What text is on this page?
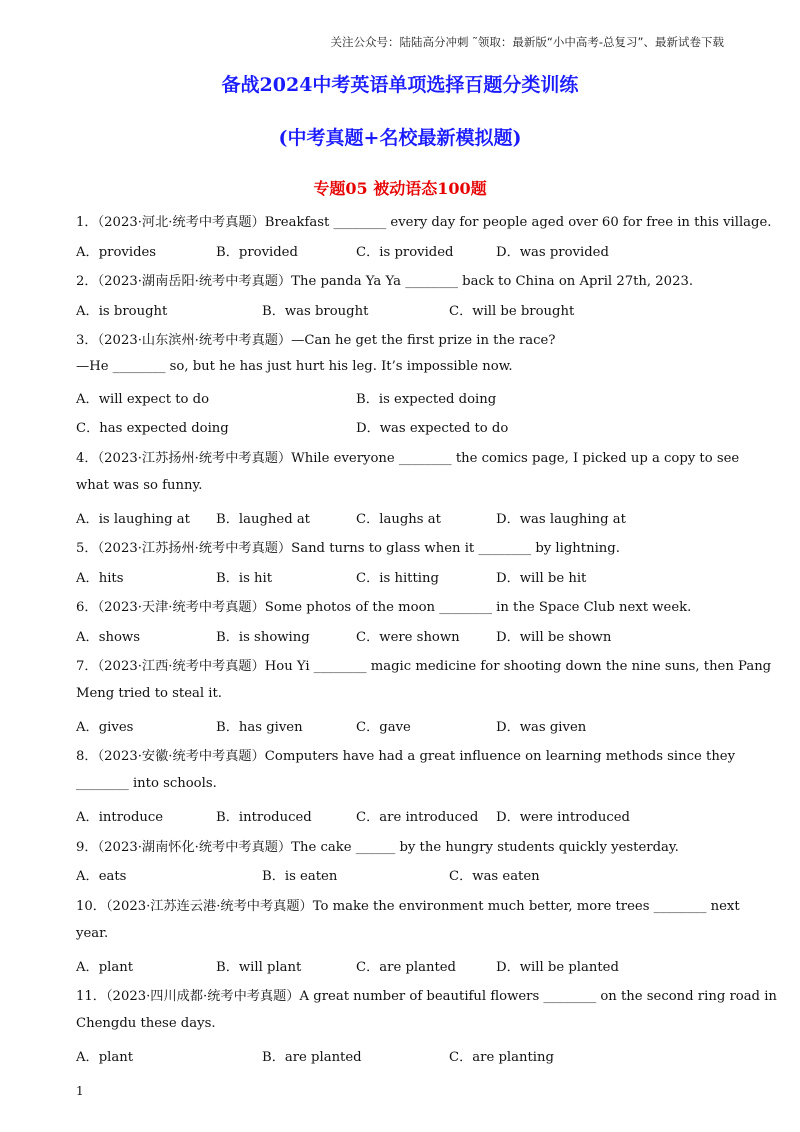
关注公众号：陆陆高分冲刺 ˜领取：最新版“小中高考-总复习”、最新试卷下载
备战2024中考英语单项选择百题分类训练
(中考真题+名校最新模拟题)
专题05 被动语态100题
1．（2023·河北·统考中考真题）Breakfast ________ every day for people aged over 60 for free in this village.
A．provides	B．provided	C．is provided	D．was provided
2．（2023·湖南岳阳·统考中考真题）The panda Ya Ya ________ back to China on April 27th, 2023.
A．is brought	B．was brought	C．will be brought
3．（2023·山东滨州·统考中考真题）—Can he get the first prize in the race?
—He ________ so, but he has just hurt his leg. It’s impossible now.
A．will expect to do	B．is expected doing
C．has expected doing	D．was expected to do
4．（2023·江苏扬州·统考中考真题）While everyone ________ the comics page, I picked up a copy to see
what was so funny.
A．is laughing at B．laughed at	C．laughs at	D．was laughing at
5．（2023·江苏扬州·统考中考真题）Sand turns to glass when it ________ by lightning.
A．hits	B．is hit	C．is hitting	D．will be hit
6．（2023·天津·统考中考真题）Some photos of the moon ________ in the Space Club next week.
A．shows	B．is showing	C．were shown	D．will be shown
7．（2023·江西·统考中考真题）Hou Yi ________ magic medicine for shooting down the nine suns, then Pang
Meng tried to steal it.
A．gives	B．has given	C．gave	D．was given
8．（2023·安徽·统考中考真题）Computers have had a great influence on learning methods since they
________ into schools.
A．introduce	B．introduced	C．are introduced D．were introduced
9．（2023·湖南怀化·统考中考真题）The cake ______ by the hungry students quickly yesterday.
A．eats	B．is eaten	C．was eaten
10．（2023·江苏连云港·统考中考真题）To make the environment much better, more trees ________ next
year.
A．plant	B．will plant	C．are planted	D．will be planted
11．（2023·四川成都·统考中考真题）A great number of beautiful flowers ________ on the second ring road in
Chengdu these days.
A．plant	B．are planted	C．are planting
1
